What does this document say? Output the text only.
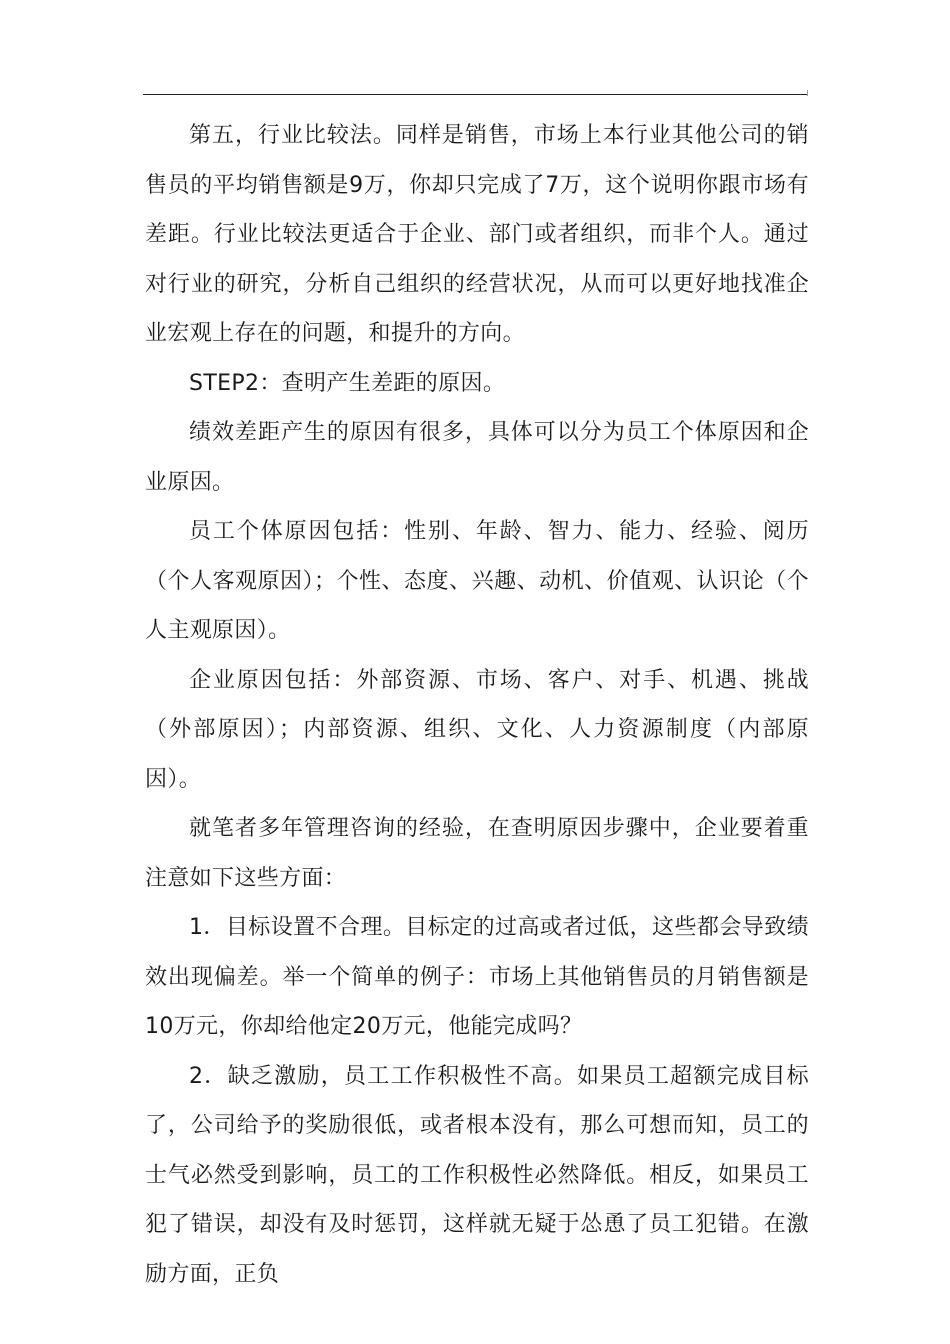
第五，行业比较法。同样是销售，市场上本行业其他公司的销售员的平均销售额是9万，你却只完成了7万，这个说明你跟市场有差距。行业比较法更适合于企业、部门或者组织，而非个人。通过对行业的研究，分析自己组织的经营状况，从而可以更好地找准企业宏观上存在的问题，和提升的方向。

STEP2：查明产生差距的原因。

绩效差距产生的原因有很多，具体可以分为员工个体原因和企业原因。

员工个体原因包括：性别、年龄、智力、能力、经验、阅历（个人客观原因）；个性、态度、兴趣、动机、价值观、认识论（个人主观原因）。

企业原因包括：外部资源、市场、客户、对手、机遇、挑战（外部原因）；内部资源、组织、文化、人力资源制度（内部原因）。

就笔者多年管理咨询的经验，在查明原因步骤中，企业要着重注意如下这些方面：

1．目标设置不合理。目标定的过高或者过低，这些都会导致绩效出现偏差。举一个简单的例子：市场上其他销售员的月销售额是10万元，你却给他定20万元，他能完成吗？

2．缺乏激励，员工工作积极性不高。如果员工超额完成目标了，公司给予的奖励很低，或者根本没有，那么可想而知，员工的士气必然受到影响，员工的工作积极性必然降低。相反，如果员工犯了错误，却没有及时惩罚，这样就无疑于怂恿了员工犯错。在激励方面，正负
